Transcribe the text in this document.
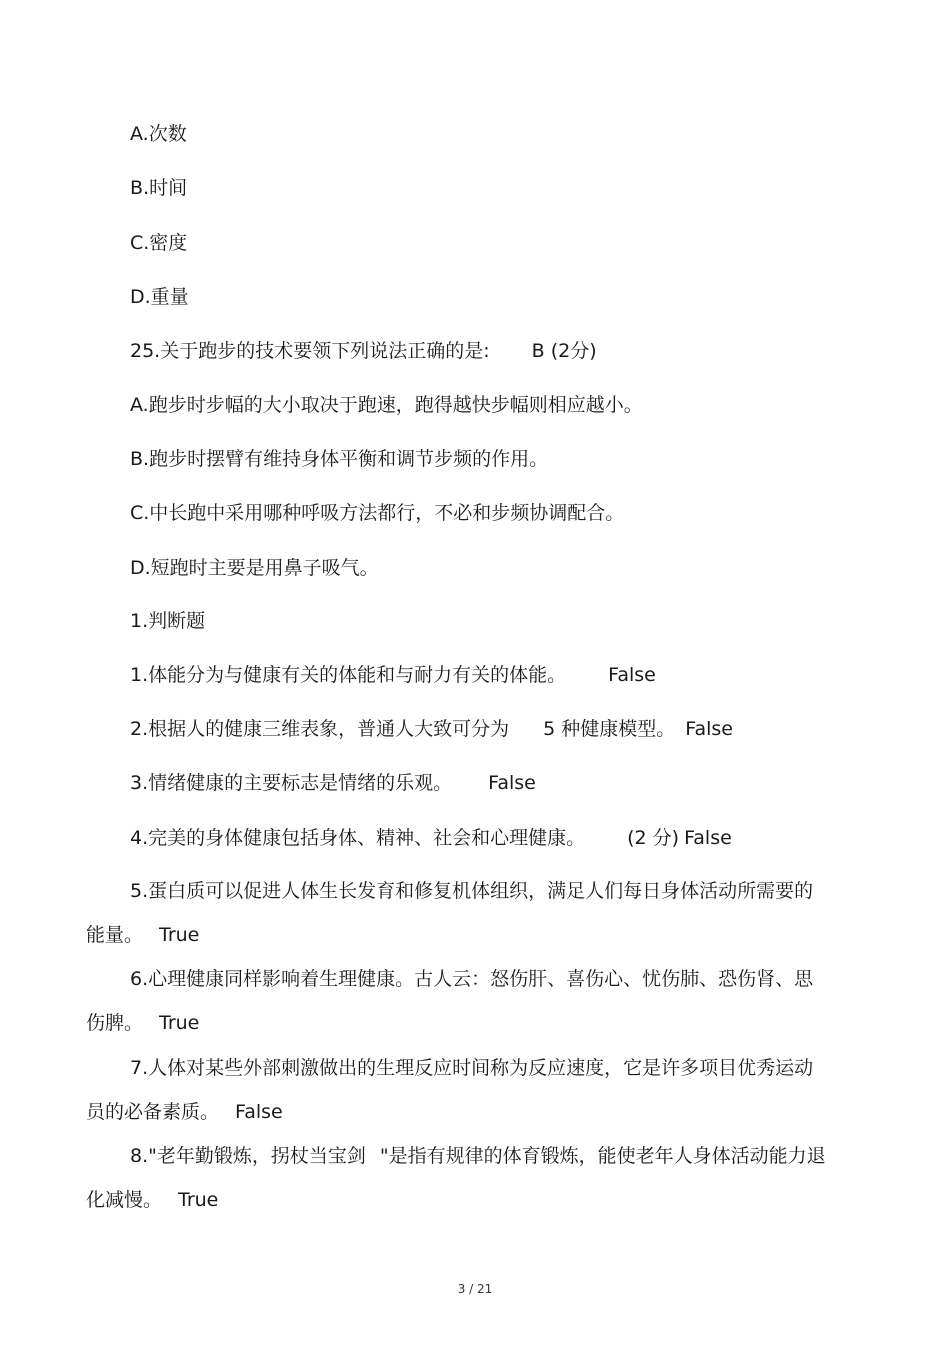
A.次数
B.时间
C.密度
D.重量
25.关于跑步的技术要领下列说法正确的是: B (2分)
A.跑步时步幅的大小取决于跑速，跑得越快步幅则相应越小。
B.跑步时摆臂有维持身体平衡和调节步频的作用。
C.中长跑中采用哪种呼吸方法都行，不必和步频协调配合。
D.短跑时主要是用鼻子吸气。
1.判断题
1.体能分为与健康有关的体能和与耐力有关的体能。 False
2.根据人的健康三维表象，普通人大致可分为 5 种健康模型。 False
3.情绪健康的主要标志是情绪的乐观。 False
4.完美的身体健康包括身体、精神、社会和心理健康。 (2 分) False
5.蛋白质可以促进人体生长发育和修复机体组织，满足人们每日身体活动所需要的能量。 True
6.心理健康同样影响着生理健康。古人云：怒伤肝、喜伤心、忧伤肺、恐伤肾、思伤脾。 True
7.人体对某些外部刺激做出的生理反应时间称为反应速度，它是许多项目优秀运动员的必备素质。 False
8."老年勤锻炼，拐杖当宝剑 "是指有规律的体育锻炼，能使老年人身体活动能力退化减慢。 True
3 / 21
